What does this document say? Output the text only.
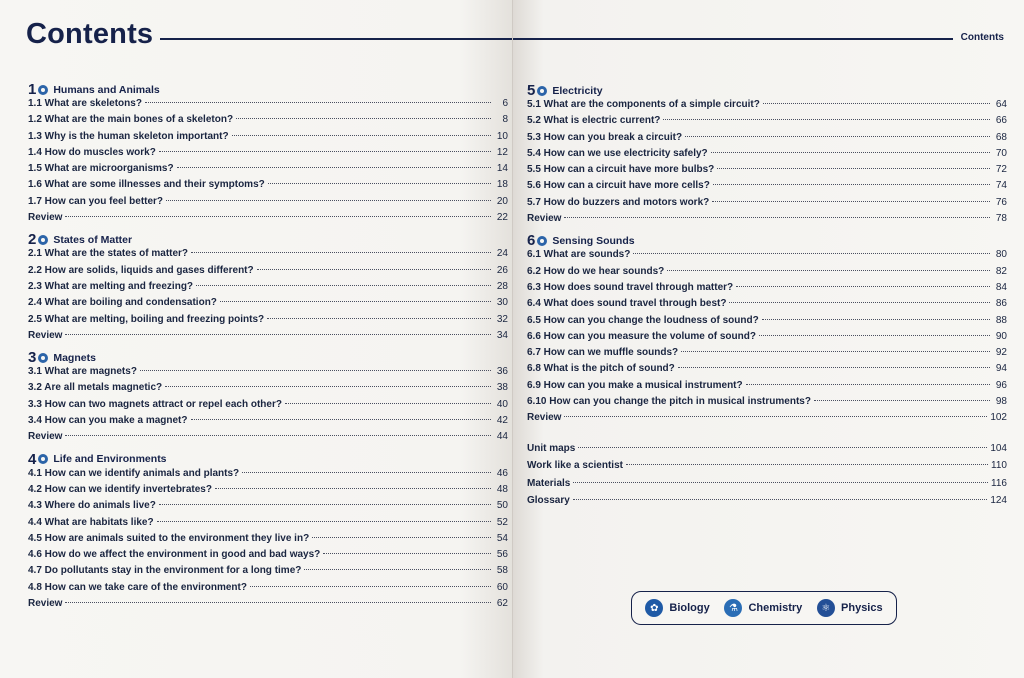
Contents
1 Humans and Animals
1.1 What are skeletons?	6
1.2 What are the main bones of a skeleton?	8
1.3 Why is the human skeleton important?	10
1.4 How do muscles work?	12
1.5 What are microorganisms?	14
1.6 What are some illnesses and their symptoms?	18
1.7 How can you feel better?	20
Review	22
2 States of Matter
2.1 What are the states of matter?	24
2.2 How are solids, liquids and gases different?	26
2.3 What are melting and freezing?	28
2.4 What are boiling and condensation?	30
2.5 What are melting, boiling and freezing points?	32
Review	34
3 Magnets
3.1 What are magnets?	36
3.2 Are all metals magnetic?	38
3.3 How can two magnets attract or repel each other?	40
3.4 How can you make a magnet?	42
Review	44
4 Life and Environments
4.1 How can we identify animals and plants?	46
4.2 How can we identify invertebrates?	48
4.3 Where do animals live?	50
4.4 What are habitats like?	52
4.5 How are animals suited to the environment they live in?	54
4.6 How do we affect the environment in good and bad ways?	56
4.7 Do pollutants stay in the environment for a long time?	58
4.8 How can we take care of the environment?	60
Review	62
Contents
5 Electricity
5.1 What are the components of a simple circuit?	64
5.2 What is electric current?	66
5.3 How can you break a circuit?	68
5.4 How can we use electricity safely?	70
5.5 How can a circuit have more bulbs?	72
5.6 How can a circuit have more cells?	74
5.7 How do buzzers and motors work?	76
Review	78
6 Sensing Sounds
6.1 What are sounds?	80
6.2 How do we hear sounds?	82
6.3 How does sound travel through matter?	84
6.4 What does sound travel through best?	86
6.5 How can you change the loudness of sound?	88
6.6 How can you measure the volume of sound?	90
6.7 How can we muffle sounds?	92
6.8 What is the pitch of sound?	94
6.9 How can you make a musical instrument?	96
6.10 How can you change the pitch in musical instruments?	98
Review	102
Unit maps	104
Work like a scientist	110
Materials	116
Glossary	124
✿ Biology	⚗ Chemistry	⚛ Physics
